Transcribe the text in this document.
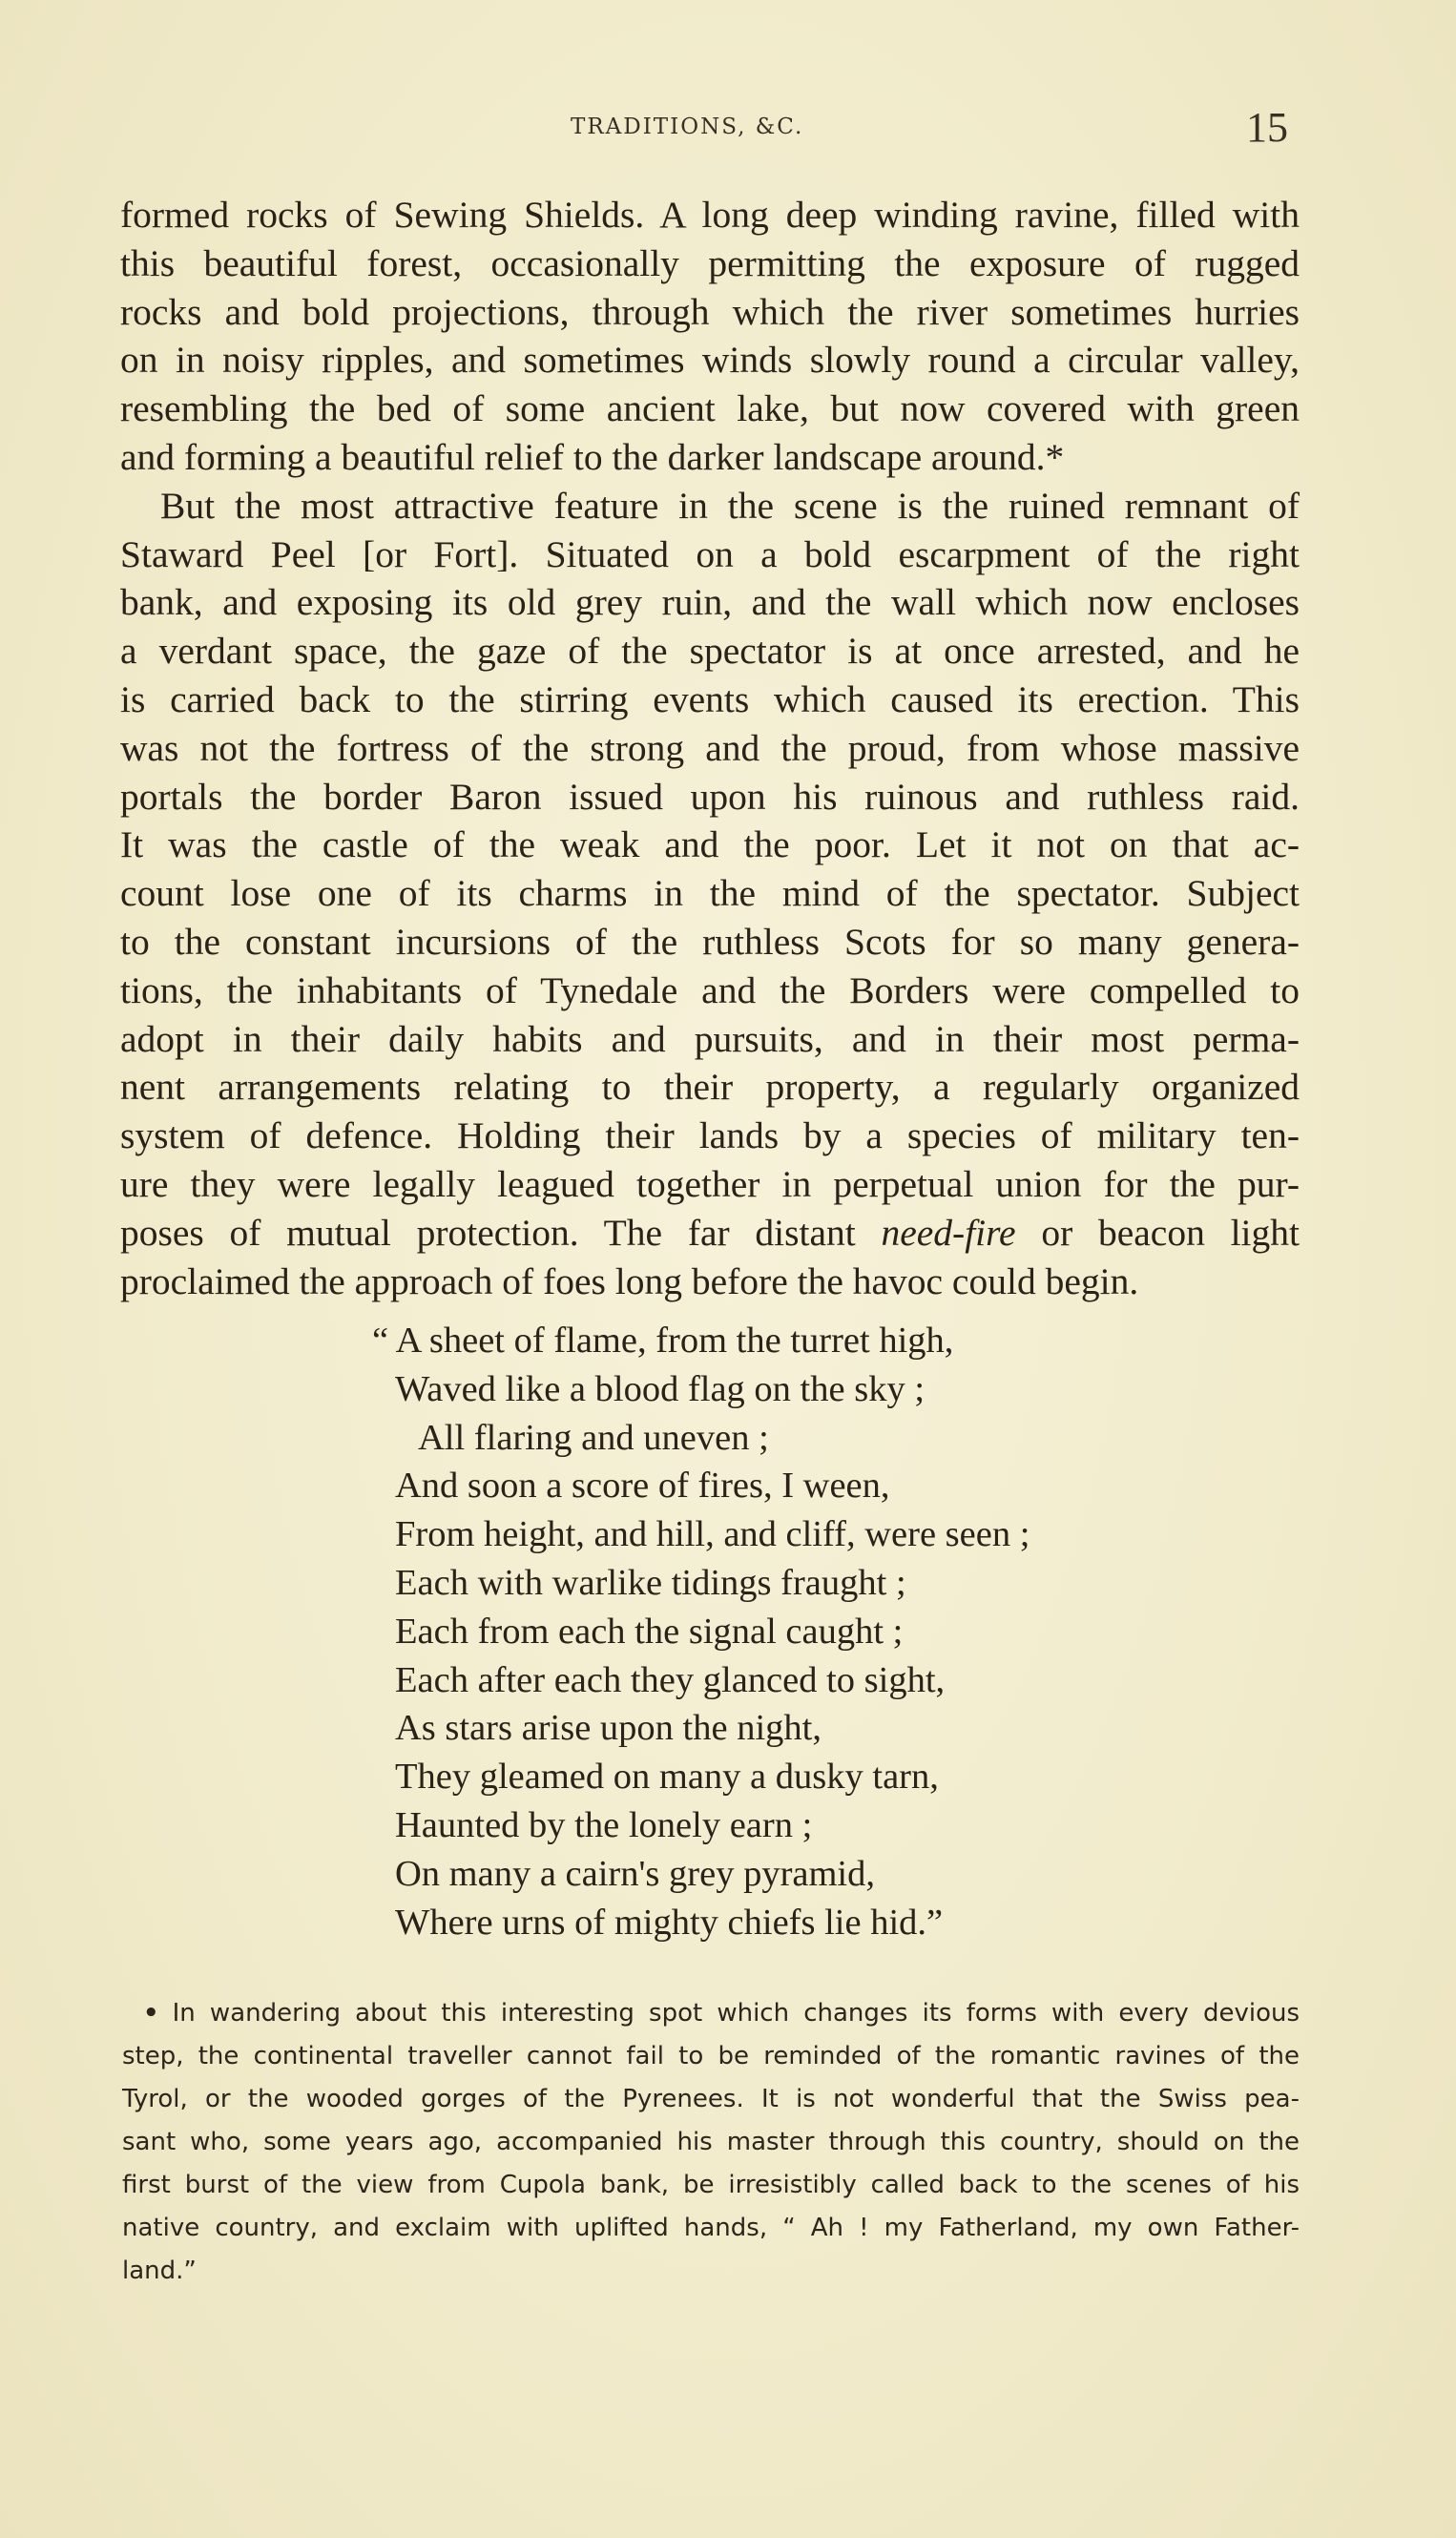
TRADITIONS, &C.	15
formed rocks of Sewing Shields. A long deep winding ravine, filled with
this beautiful forest, occasionally permitting the exposure of rugged
rocks and bold projections, through which the river sometimes hurries
on in noisy ripples, and sometimes winds slowly round a circular valley,
resembling the bed of some ancient lake, but now covered with green
and forming a beautiful relief to the darker landscape around.*
But the most attractive feature in the scene is the ruined remnant of
Staward Peel [or Fort]. Situated on a bold escarpment of the right
bank, and exposing its old grey ruin, and the wall which now encloses
a verdant space, the gaze of the spectator is at once arrested, and he
is carried back to the stirring events which caused its erection. This
was not the fortress of the strong and the proud, from whose massive
portals the border Baron issued upon his ruinous and ruthless raid.
It was the castle of the weak and the poor. Let it not on that ac-
count lose one of its charms in the mind of the spectator. Subject
to the constant incursions of the ruthless Scots for so many genera-
tions, the inhabitants of Tynedale and the Borders were compelled to
adopt in their daily habits and pursuits, and in their most perma-
nent arrangements relating to their property, a regularly organized
system of defence. Holding their lands by a species of military ten-
ure they were legally leagued together in perpetual union for the pur-
poses of mutual protection. The far distant need-fire or beacon light
proclaimed the approach of foes long before the havoc could begin.
“ A sheet of flame, from the turret high,
Waved like a blood flag on the sky ;
All flaring and uneven ;
And soon a score of fires, I ween,
From height, and hill, and cliff, were seen ;
Each with warlike tidings fraught ;
Each from each the signal caught ;
Each after each they glanced to sight,
As stars arise upon the night,
They gleamed on many a dusky tarn,
Haunted by the lonely earn ;
On many a cairn's grey pyramid,
Where urns of mighty chiefs lie hid.”
• In wandering about this interesting spot which changes its forms with every devious
step, the continental traveller cannot fail to be reminded of the romantic ravines of the
Tyrol, or the wooded gorges of the Pyrenees. It is not wonderful that the Swiss pea-
sant who, some years ago, accompanied his master through this country, should on the
first burst of the view from Cupola bank, be irresistibly called back to the scenes of his
native country, and exclaim with uplifted hands, “ Ah ! my Fatherland, my own Father-
land.”
